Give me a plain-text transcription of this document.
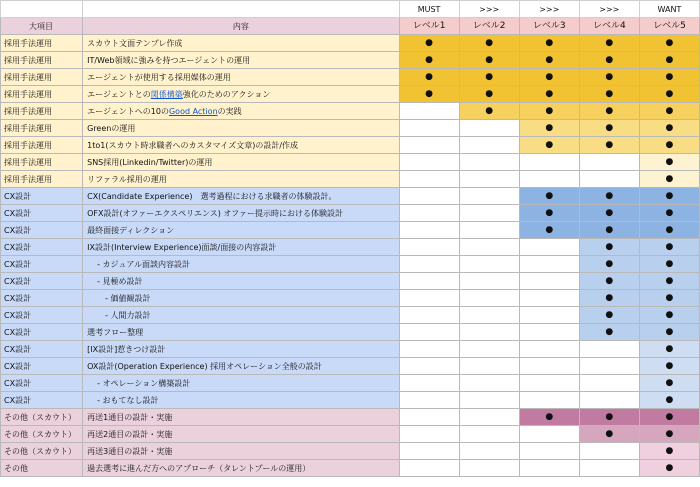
		MUST	>>>	>>>	>>>	WANT
大項目	内容	レベル1	レベル2	レベル3	レベル4	レベル5
採用手法運用	スカウト文面テンプレ作成	●	●	●	●	●
採用手法運用	IT/Web領域に強みを持つエージェントの運用	●	●	●	●	●
採用手法運用	エージェントが使用する採用媒体の運用	●	●	●	●	●
採用手法運用	エージェントとの関係構築強化のためのアクション	●	●	●	●	●
採用手法運用	エージェントへの10のGood Actionの実践		●	●	●	●
採用手法運用	Greenの運用			●	●	●
採用手法運用	1to1(スカウト時求職者へのカスタマイズ文章)の設計/作成			●	●	●
採用手法運用	SNS採用(Linkedin/Twitter)の運用					●
採用手法運用	リファラル採用の運用					●
CX設計	CX(Candidate Experience)　選考過程における求職者の体験設計。			●	●	●
CX設計	OFX設計(オファーエクスペリエンス) オファー提示時における体験設計			●	●	●
CX設計	最終面接ディレクション			●	●	●
CX設計	IX設計(Interview Experience)面談/面接の内容設計				●	●
CX設計	- カジュアル面談内容設計				●	●
CX設計	- 見極め設計				●	●
CX設計	- 価値観設計				●	●
CX設計	- 人間力設計				●	●
CX設計	選考フロー整理				●	●
CX設計	[IX設計]惹きつけ設計					●
CX設計	OX設計(Operation Experience) 採用オペレーション全般の設計					●
CX設計	- オペレーション構築設計					●
CX設計	- おもてなし設計					●
その他（スカウト）	再送1通目の設計・実施			●	●	●
その他（スカウト）	再送2通目の設計・実施				●	●
その他（スカウト）	再送3通目の設計・実施					●
その他	過去選考に進んだ方へのアプローチ（タレントプールの運用）					●
